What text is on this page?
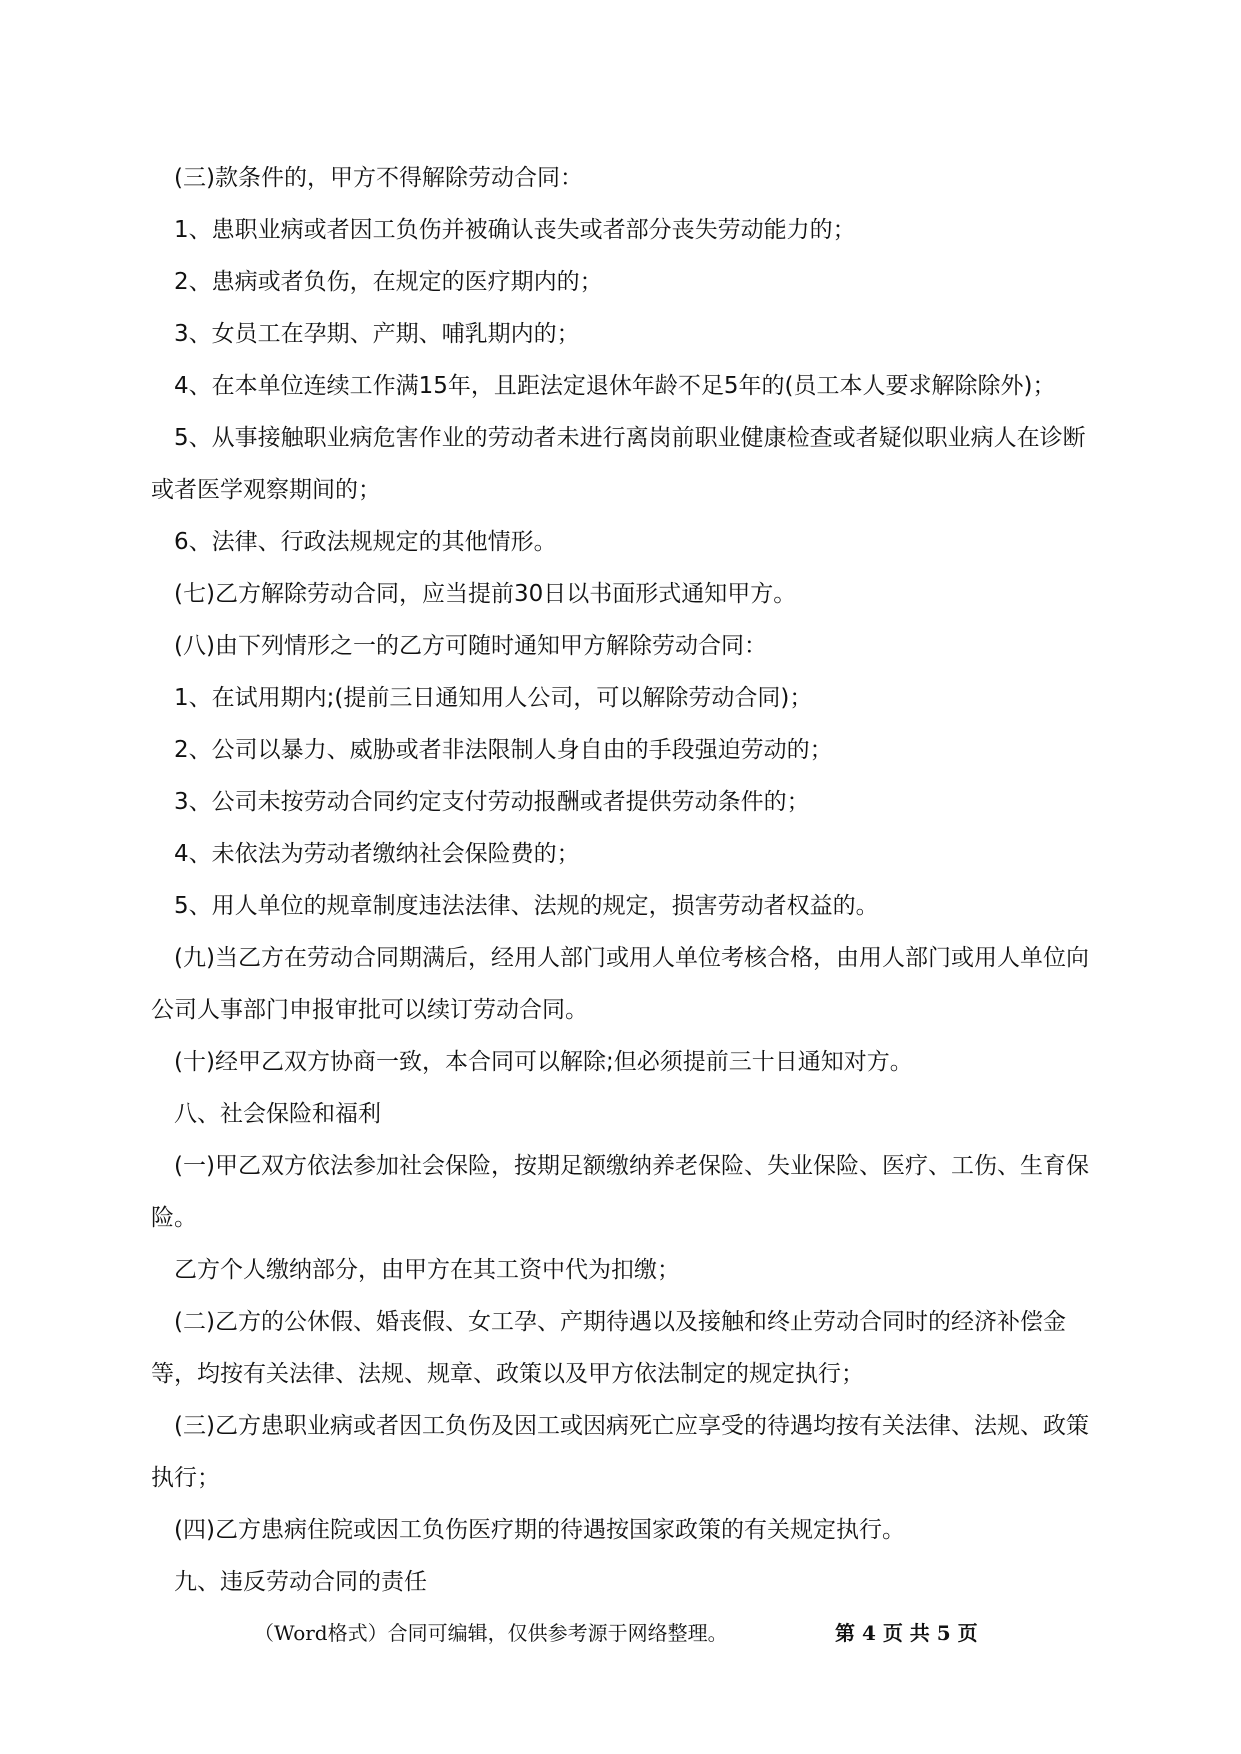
(三)款条件的，甲方不得解除劳动合同：

1、患职业病或者因工负伤并被确认丧失或者部分丧失劳动能力的；

2、患病或者负伤，在规定的医疗期内的；

3、女员工在孕期、产期、哺乳期内的；

4、在本单位连续工作满15年，且距法定退休年龄不足5年的(员工本人要求解除除外)；

5、从事接触职业病危害作业的劳动者未进行离岗前职业健康检查或者疑似职业病人在诊断或者医学观察期间的；

6、法律、行政法规规定的其他情形。

(七)乙方解除劳动合同，应当提前30日以书面形式通知甲方。

(八)由下列情形之一的乙方可随时通知甲方解除劳动合同：

1、在试用期内;(提前三日通知用人公司，可以解除劳动合同)；

2、公司以暴力、威胁或者非法限制人身自由的手段强迫劳动的；

3、公司未按劳动合同约定支付劳动报酬或者提供劳动条件的；

4、未依法为劳动者缴纳社会保险费的；

5、用人单位的规章制度违法法律、法规的规定，损害劳动者权益的。

(九)当乙方在劳动合同期满后，经用人部门或用人单位考核合格，由用人部门或用人单位向公司人事部门申报审批可以续订劳动合同。

(十)经甲乙双方协商一致，本合同可以解除;但必须提前三十日通知对方。

八、社会保险和福利

(一)甲乙双方依法参加社会保险，按期足额缴纳养老保险、失业保险、医疗、工伤、生育保险。

乙方个人缴纳部分，由甲方在其工资中代为扣缴；

(二)乙方的公休假、婚丧假、女工孕、产期待遇以及接触和终止劳动合同时的经济补偿金等，均按有关法律、法规、规章、政策以及甲方依法制定的规定执行；

(三)乙方患职业病或者因工负伤及因工或因病死亡应享受的待遇均按有关法律、法规、政策执行；

(四)乙方患病住院或因工负伤医疗期的待遇按国家政策的有关规定执行。

九、违反劳动合同的责任

（Word格式）合同可编辑，仅供参考源于网络整理。	第 4 页 共 5 页
